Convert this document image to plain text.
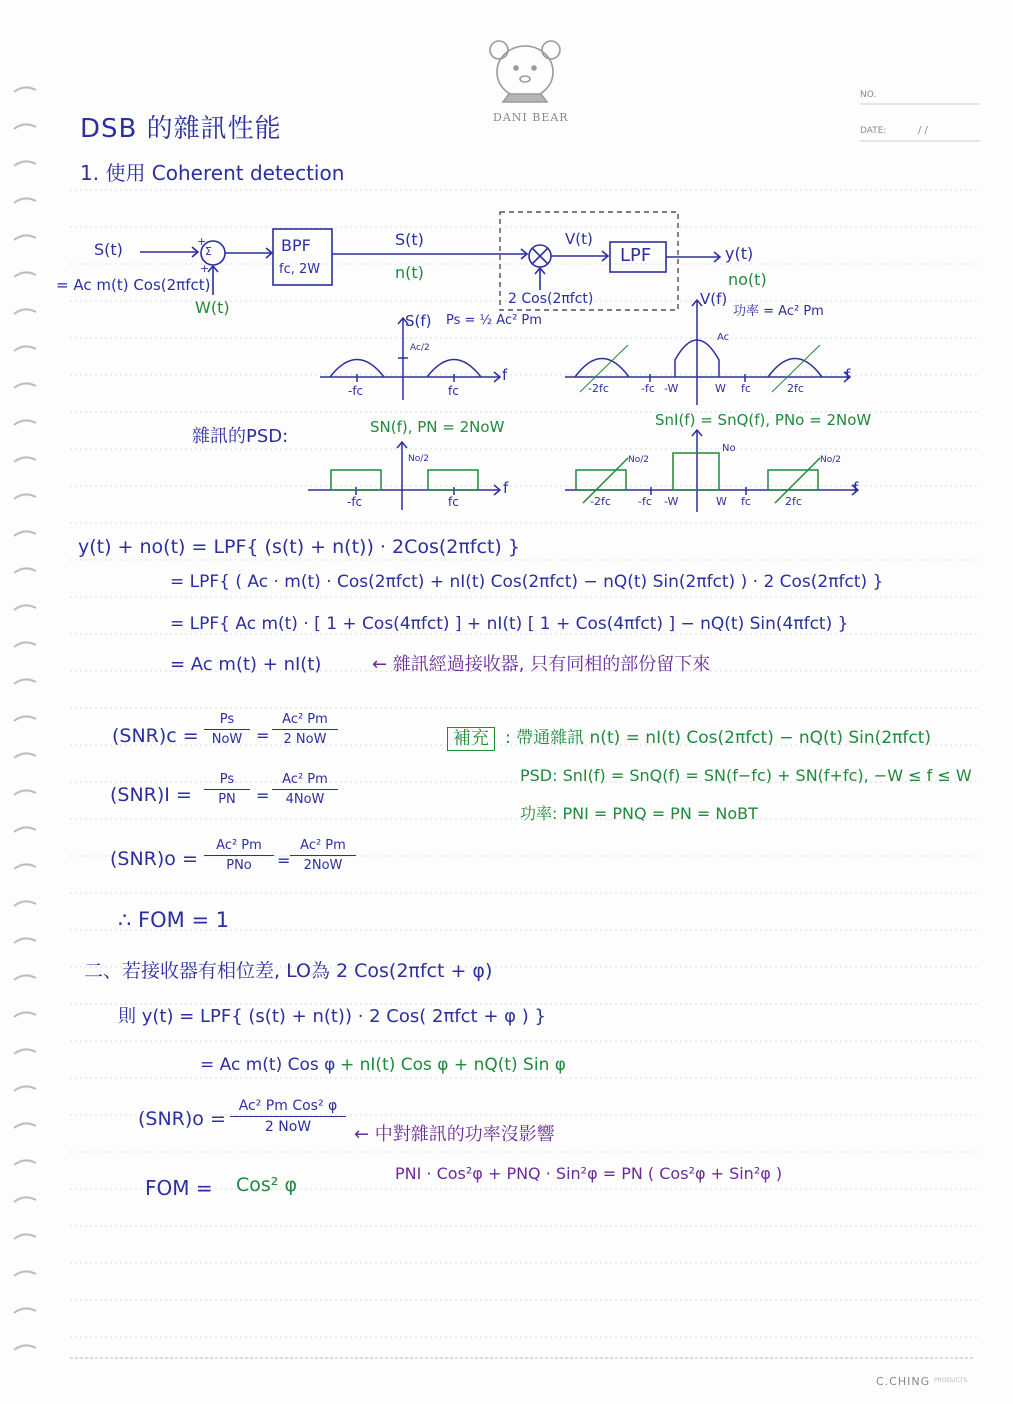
DANI BEAR
NO.
DATE:	/ /
DSB 的雜訊性能
1. 使用 Coherent detection
S(t)
= Ac m(t) Cos(2πfct)
Σ
+
+
W(t)
BPF
fc, 2W
S(t)
n(t)
V(t)
2 Cos(2πfct)
LPF	y(t)
no(t)
S(f) Ps = ½ Ac² Pm
Ac/2
-fc	fc
f
V(f)
功率 = Ac² Pm
Ac
-2fc	-fc -W	W fc	2fc
f
雜訊的PSD:	SN(f), PN = 2NoW
No/2
-fc	fc
f
SnI(f) = SnQ(f), PNo = 2NoW
No
No/2	No/2
-2fc -fc -W	W fc	2fc
f
y(t) + no(t) = LPF{ (s(t) + n(t)) · 2Cos(2πfct) }
= LPF{ ( Ac · m(t) · Cos(2πfct) + nI(t) Cos(2πfct) − nQ(t) Sin(2πfct) ) · 2 Cos(2πfct) }
= LPF{ Ac m(t) · [ 1 + Cos(4πfct) ] + nI(t) [ 1 + Cos(4πfct) ] − nQ(t) Sin(4πfct) }
= Ac m(t) + nI(t)	← 雜訊經過接收器, 只有同相的部份留下來
(SNR)c =
Ps
NoW =
Ac² Pm
2 NoW
(SNR)I =
Ps
PN	=
Ac² Pm
4NoW
(SNR)o =
Ac² Pm
PNo	=
Ac² Pm
2NoW
∴ FOM = 1
補充 : 帶通雜訊 n(t) = nI(t) Cos(2πfct) − nQ(t) Sin(2πfct)
PSD: SnI(f) = SnQ(f) = SN(f−fc) + SN(f+fc), −W ≤ f ≤ W
功率: PNI = PNQ = PN = NoBT
二、若接收器有相位差, LO為 2 Cos(2πfct + φ)
則 y(t) = LPF{ (s(t) + n(t)) · 2 Cos( 2πfct + φ ) }
= Ac m(t) Cos φ + nI(t) Cos φ + nQ(t) Sin φ
(SNR)o =
Ac² Pm Cos² φ
2 NoW	← 中對雜訊的功率沒影響
PNI · Cos²φ + PNQ · Sin²φ = PN ( Cos²φ + Sin²φ )
FOM = Cos² φ
C.CHING PRODUCTS
